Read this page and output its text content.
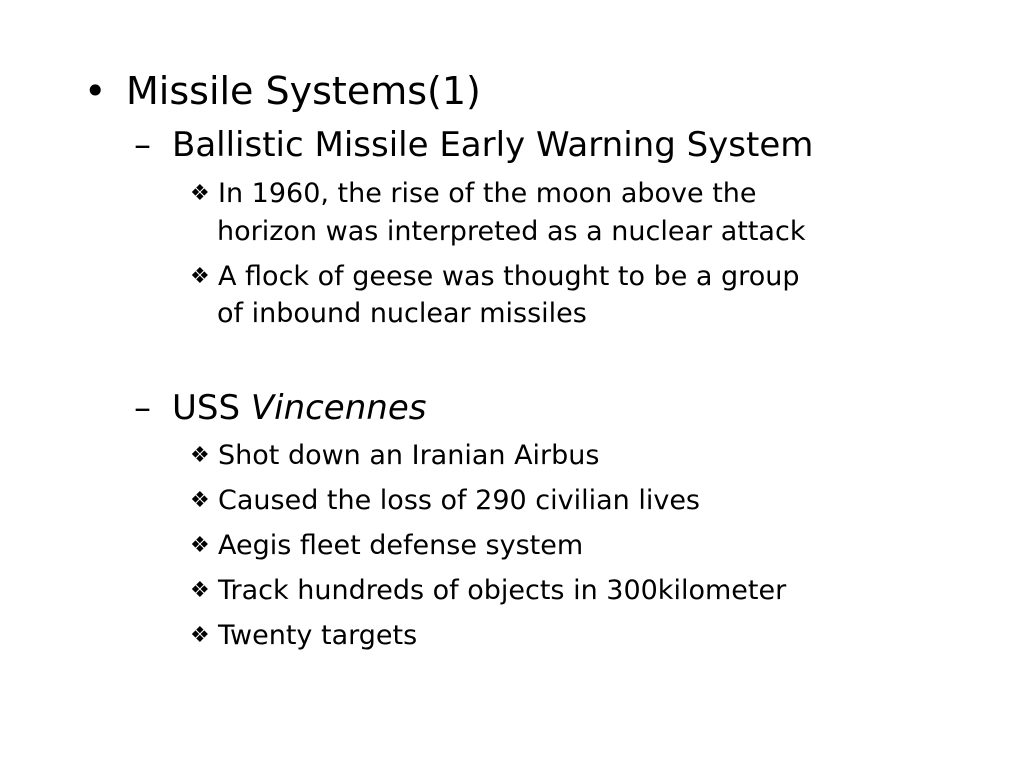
• Missile Systems(1)
– Ballistic Missile Early Warning System
❖ In 1960, the rise of the moon above the
horizon was interpreted as a nuclear attack
❖ A flock of geese was thought to be a group
of inbound nuclear missiles
– USS Vincennes
❖ Shot down an Iranian Airbus
❖ Caused the loss of 290 civilian lives
❖ Aegis fleet defense system
❖ Track hundreds of objects in 300kilometer
❖ Twenty targets
